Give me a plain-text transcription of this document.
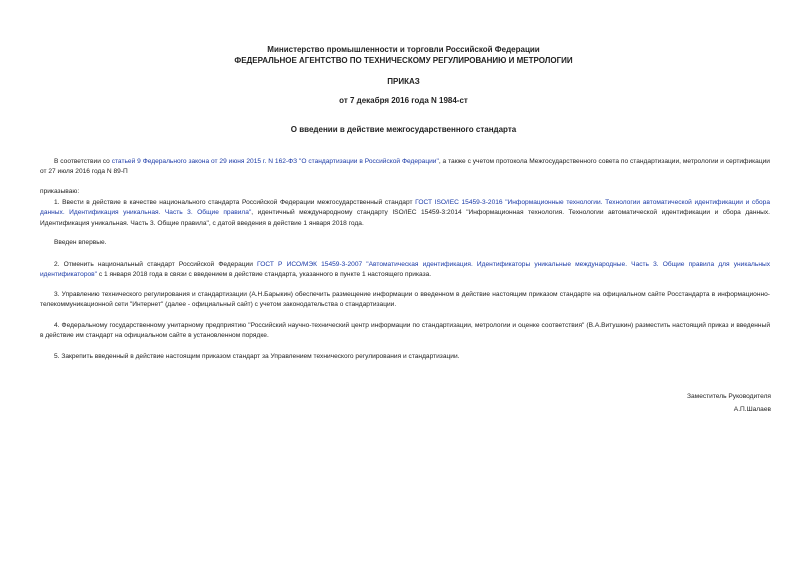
Министерство промышленности и торговли Российской Федерации
ФЕДЕРАЛЬНОЕ АГЕНТСТВО ПО ТЕХНИЧЕСКОМУ РЕГУЛИРОВАНИЮ И МЕТРОЛОГИИ
ПРИКАЗ
от 7 декабря 2016 года N 1984-ст
О введении в действие межгосударственного стандарта
В соответствии со статьей 9 Федерального закона от 29 июня 2015 г. N 162-ФЗ "О стандартизации в Российской Федерации", а также с учетом протокола Межгосударственного совета по стандартизации, метрологии и сертификации от 27 июля 2016 года N 89-П
приказываю:
1. Ввести в действие в качестве национального стандарта Российской Федерации межгосударственный стандарт ГОСТ ISO/IEC 15459-3-2016 "Информационные технологии. Технологии автоматической идентификации и сбора данных. Идентификация уникальная. Часть 3. Общие правила", идентичный международному стандарту ISO/IEC 15459-3:2014 "Информационная технология. Технологии автоматической идентификации и сбора данных. Идентификация уникальная. Часть 3. Общие правила", с датой введения в действие 1 января 2018 года.
Введен впервые.
2. Отменить национальный стандарт Российской Федерации ГОСТ Р ИСО/МЭК 15459-3-2007 "Автоматическая идентификация. Идентификаторы уникальные международные. Часть 3. Общие правила для уникальных идентификаторов" с 1 января 2018 года в связи с введением в действие стандарта, указанного в пункте 1 настоящего приказа.
3. Управлению технического регулирования и стандартизации (А.Н.Барыкин) обеспечить размещение информации о введенном в действие настоящим приказом стандарте на официальном сайте Росстандарта в информационно-телекоммуникационной сети "Интернет" (далее - официальный сайт) с учетом законодательства о стандартизации.
4. Федеральному государственному унитарному предприятию "Российский научно-технический центр информации по стандартизации, метрологии и оценке соответствия" (В.А.Витушкин) разместить настоящий приказ и введенный в действие им стандарт на официальном сайте в установленном порядке.
5. Закрепить введенный в действие настоящим приказом стандарт за Управлением технического регулирования и стандартизации.
Заместитель Руководителя
А.П.Шалаев
